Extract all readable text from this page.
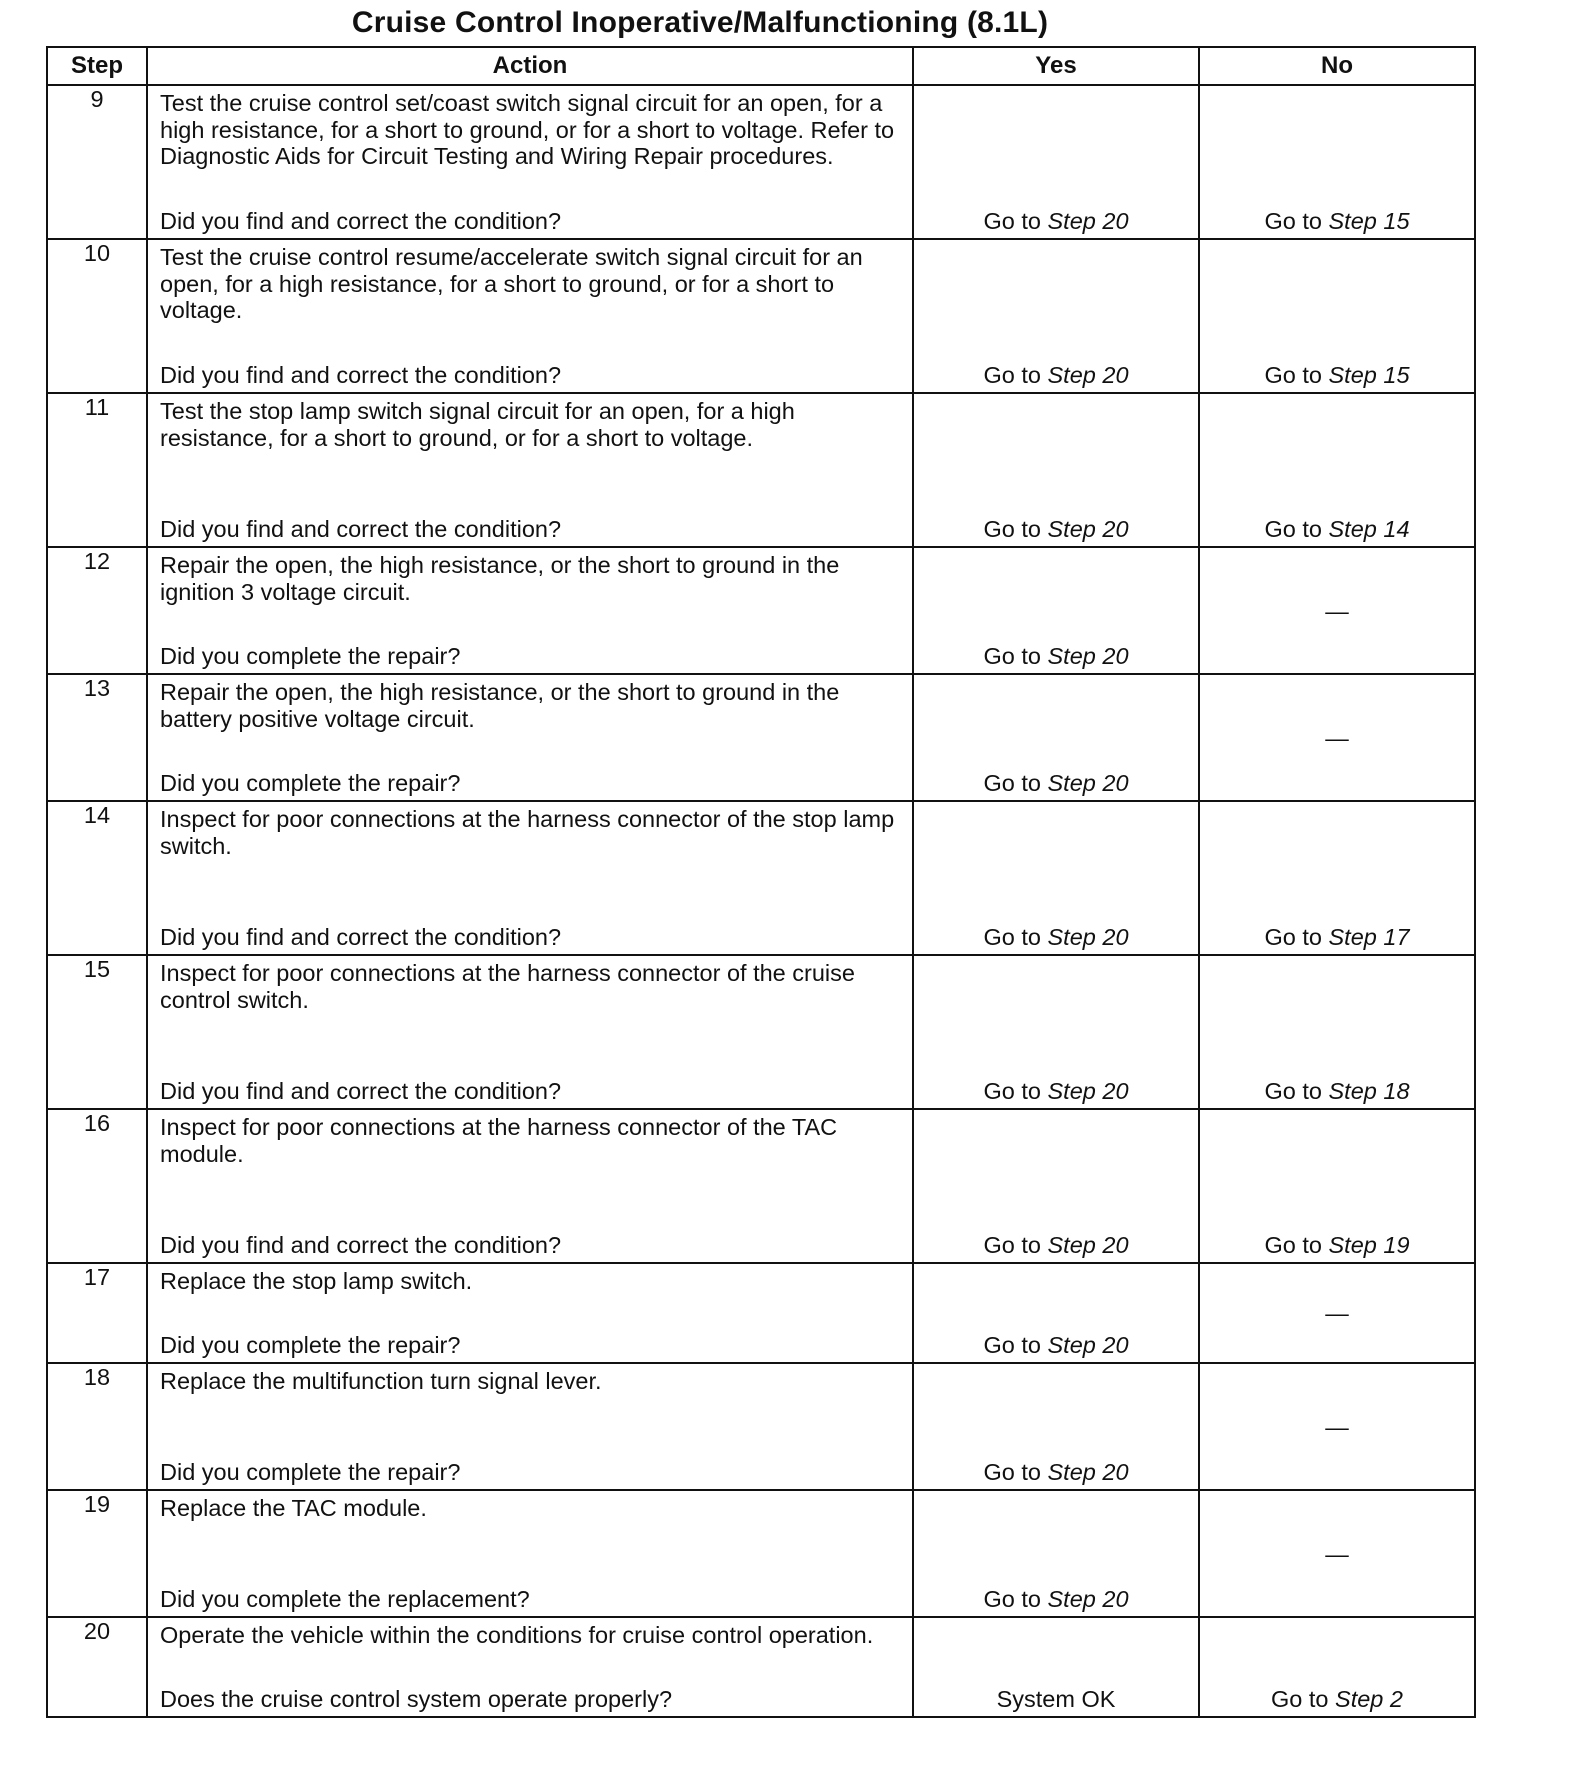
Cruise Control Inoperative/Malfunctioning (8.1L)
Step	Action	Yes	No
9	Test the cruise control set/coast switch signal circuit for an open, for a high resistance, for a short to ground, or for a short to voltage. Refer to Diagnostic Aids for Circuit Testing and Wiring Repair procedures.
Did you find and correct the condition?	Go to Step 20	Go to Step 15

10	Test the cruise control resume/accelerate switch signal circuit for an open, for a high resistance, for a short to ground, or for a short to voltage.
Did you find and correct the condition?	Go to Step 20	Go to Step 15

11	Test the stop lamp switch signal circuit for an open, for a high resistance, for a short to ground, or for a short to voltage.
Did you find and correct the condition?	Go to Step 20	Go to Step 14

12	Repair the open, the high resistance, or the short to ground in the ignition 3 voltage circuit.
Did you complete the repair?	Go to Step 20	—

13	Repair the open, the high resistance, or the short to ground in the battery positive voltage circuit.
Did you complete the repair?	Go to Step 20	—

14	Inspect for poor connections at the harness connector of the stop lamp switch.
Did you find and correct the condition?	Go to Step 20	Go to Step 17

15	Inspect for poor connections at the harness connector of the cruise control switch.
Did you find and correct the condition?	Go to Step 20	Go to Step 18

16	Inspect for poor connections at the harness connector of the TAC module.
Did you find and correct the condition?	Go to Step 20	Go to Step 19

17	Replace the stop lamp switch.
Did you complete the repair?	Go to Step 20	—

18	Replace the multifunction turn signal lever.
Did you complete the repair?	Go to Step 20	—

19	Replace the TAC module.
Did you complete the replacement?	Go to Step 20	—

20	Operate the vehicle within the conditions for cruise control operation.
Does the cruise control system operate properly?	System OK	Go to Step 2
